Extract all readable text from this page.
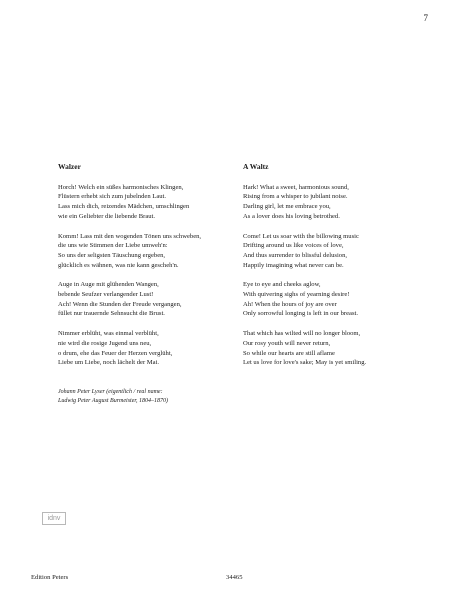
7
Walzer
Horch! Welch ein süßes harmonisches Klingen,
Flüstern erhebt sich zum jubelnden Laut.
Lass mich dich, reizendes Mädchen, umschlingen
wie ein Geliebter die liebende Braut.
Komm! Lass mit den wogenden Tönen uns schweben,
die uns wie Stimmen der Liebe umweh'n:
So uns der seligsten Täuschung ergeben,
glücklich es wähnen, was nie kann gescheh'n.
Auge in Auge mit glühenden Wangen,
bebende Seufzer verlangender Lust!
Ach! Wenn die Stunden der Freude vergangen,
füllet nur trauernde Sehnsucht die Brust.
Nimmer erblüht, was einmal verblüht,
nie wird die rosige Jugend uns neu,
o drum, ehe das Feuer der Herzen verglüht,
Liebe um Liebe, noch lächelt der Mai.
Johann Peter Lyser (eigentlich / real name:
Ludwig Peter August Burmeister, 1804–1870)
A Waltz
Hark! What a sweet, harmonious sound,
Rising from a whisper to jubilant noise.
Darling girl, let me embrace you,
As a lover does his loving betrothed.
Come! Let us soar with the billowing music
Drifting around us like voices of love,
And thus surrender to blissful delusion,
Happily imagining what never can be.
Eye to eye and cheeks aglow,
With quivering sighs of yearning desire!
Ah! When the hours of joy are over
Only sorrowful longing is left in our breast.
That which has wilted will no longer bloom,
Our rosy youth will never return,
So while our hearts are still aflame
Let us love for love's sake; May is yet smiling.
idnv
Edition Peters	34465
